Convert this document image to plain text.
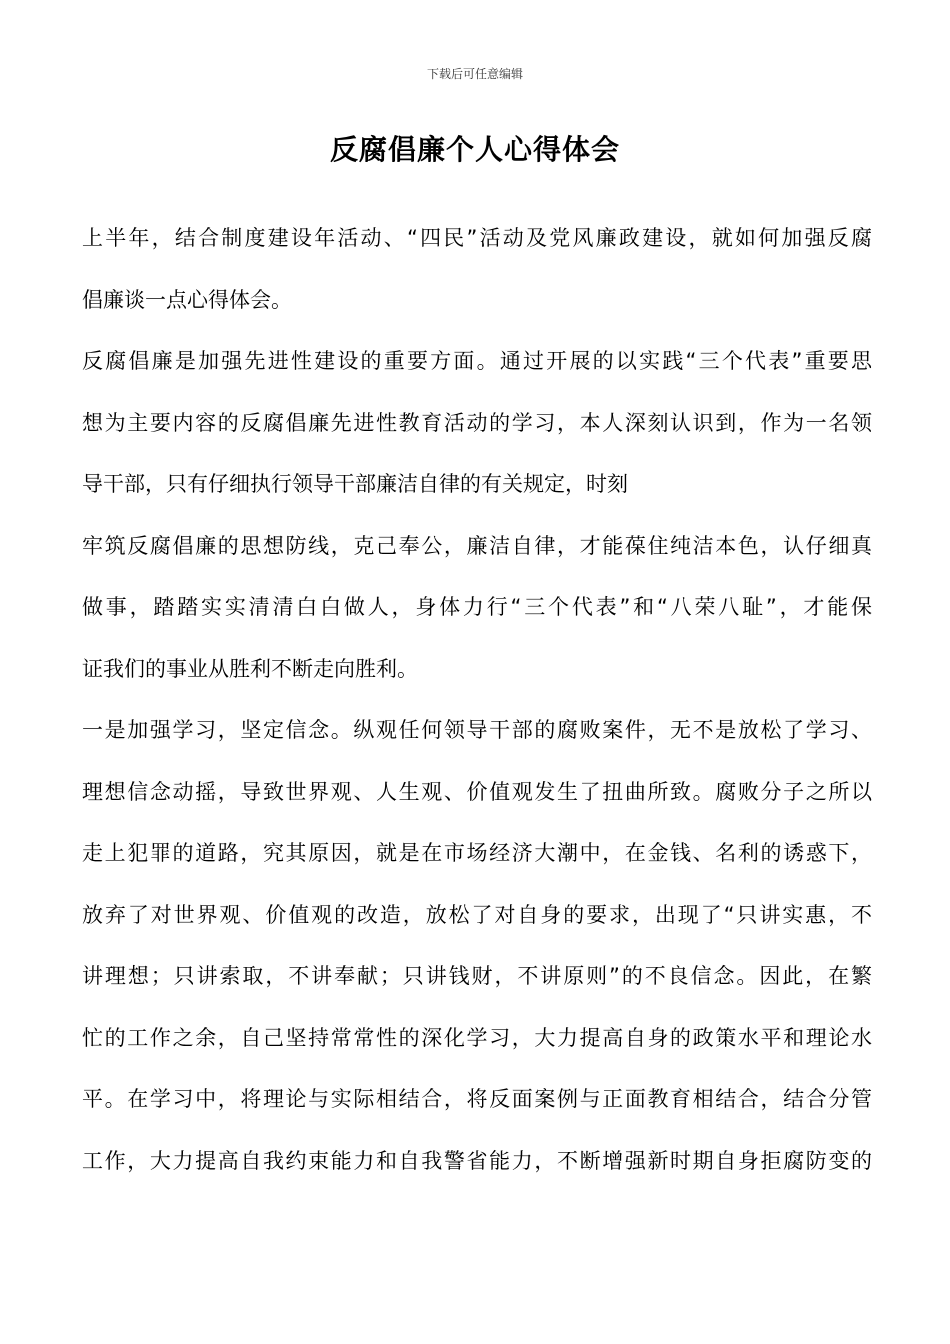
下载后可任意编辑
反腐倡廉个人心得体会
上半年，结合制度建设年活动、“四民”活动及党风廉政建设，就如何加强反腐
倡廉谈一点心得体会。
反腐倡廉是加强先进性建设的重要方面。通过开展的以实践“三个代表”重要思
想为主要内容的反腐倡廉先进性教育活动的学习，本人深刻认识到，作为一名领
导干部，只有仔细执行领导干部廉洁自律的有关规定，时刻
牢筑反腐倡廉的思想防线，克己奉公，廉洁自律，才能葆住纯洁本色，认仔细真
做事，踏踏实实清清白白做人，身体力行“三个代表”和“八荣八耻”，才能保
证我们的事业从胜利不断走向胜利。
一是加强学习，坚定信念。纵观任何领导干部的腐败案件，无不是放松了学习、
理想信念动摇，导致世界观、人生观、价值观发生了扭曲所致。腐败分子之所以
走上犯罪的道路，究其原因，就是在市场经济大潮中，在金钱、名利的诱惑下，
放弃了对世界观、价值观的改造，放松了对自身的要求，出现了“只讲实惠，不
讲理想；只讲索取，不讲奉献；只讲钱财，不讲原则”的不良信念。因此，在繁
忙的工作之余，自己坚持常常性的深化学习，大力提高自身的政策水平和理论水
平。在学习中，将理论与实际相结合，将反面案例与正面教育相结合，结合分管
工作，大力提高自我约束能力和自我警省能力，不断增强新时期自身拒腐防变的
